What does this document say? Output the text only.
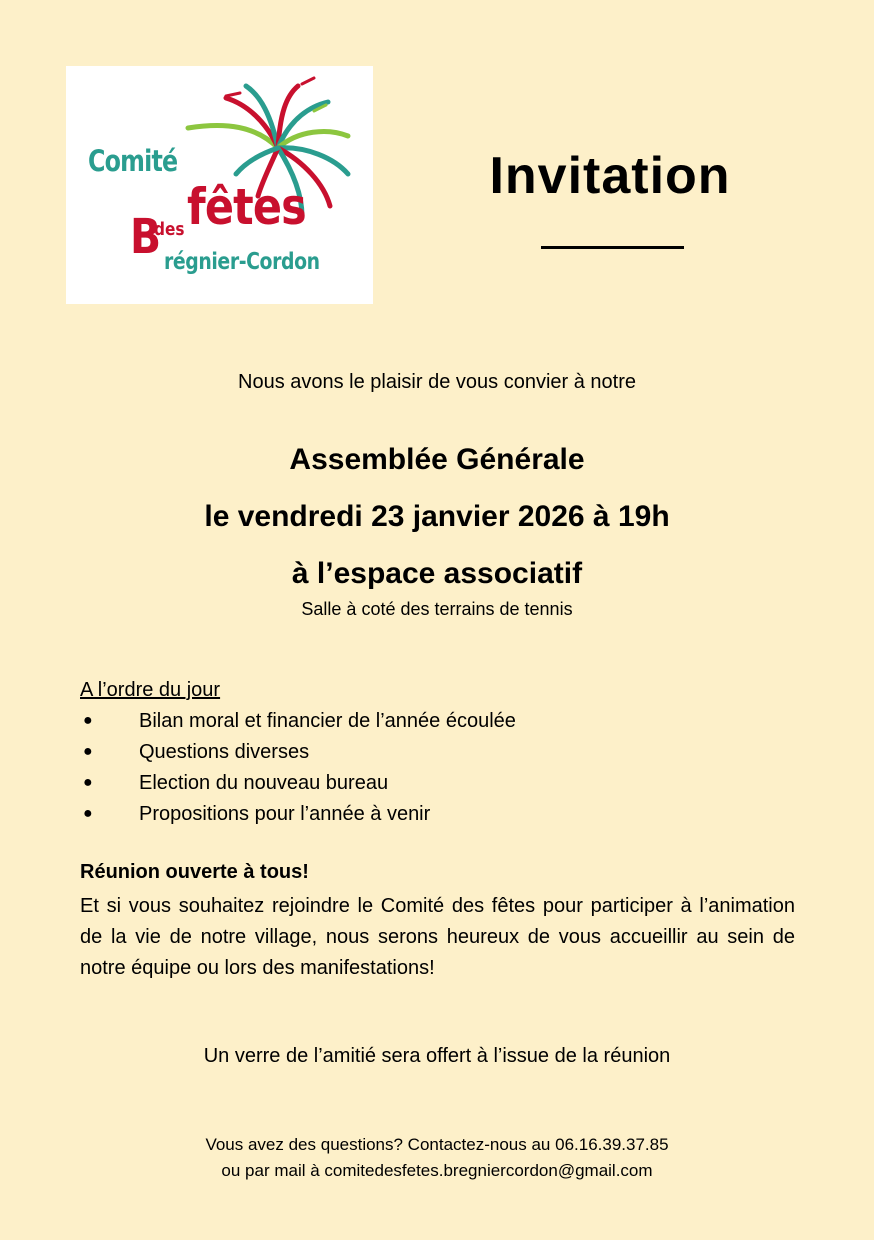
Comité
fêtes
des
B régnier-Cordon
Invitation
Nous avons le plaisir de vous convier à notre
Assemblée Générale
le vendredi 23 janvier 2026 à 19h
à l’espace associatif
Salle à coté des terrains de tennis
A l’ordre du jour
● Bilan moral et financier de l’année écoulée
● Questions diverses
● Election du nouveau bureau
● Propositions pour l’année à venir
Réunion ouverte à tous!

Et si vous souhaitez rejoindre le Comité des fêtes pour participer à l’animation de la vie de notre village, nous serons heureux de vous accueillir au sein de notre équipe ou lors des manifestations!

Un verre de l’amitié sera offert à l’issue de la réunion
Vous avez des questions? Contactez-nous au 06.16.39.37.85
ou par mail à comitedesfetes.bregniercordon@gmail.com
